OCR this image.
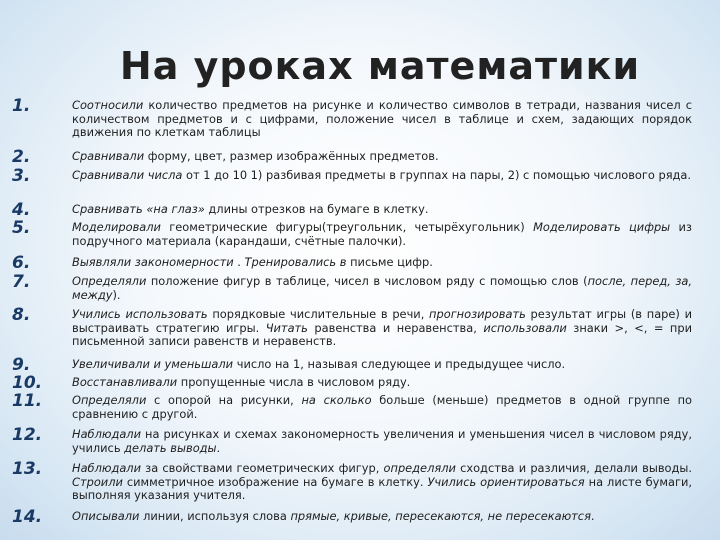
На уроках математики
1.	Соотносили количество предметов на рисунке и количество символов в тетради, названия чисел с количеством предметов и с цифрами, положение чисел в таблице и схем, задающих порядок движения по клеткам таблицы
2.	Сравнивали форму, цвет, размер изображённых предметов.
3.	Сравнивали числа от 1 до 10 1) разбивая предметы в группах на пары, 2) с помощью числового ряда.
4.	Сравнивать «на глаз» длины отрезков на бумаге в клетку.
5.	Моделировали геометрические фигуры(треугольник, четырёхугольник) Моделировать цифры из подручного материала (карандаши, счётные палочки).
6.	Выявляли закономерности . Тренировались в письме цифр.
7.	Определяли положение фигур в таблице, чисел в числовом ряду с помощью слов (после, перед, за, между).
8.	Учились использовать порядковые числительные в речи, прогнозировать результат игры (в паре) и выстраивать стратегию игры. Читать равенства и неравенства, использовали знаки >, <, = при письменной записи равенств и неравенств.
9.	Увеличивали и уменьшали число на 1, называя следующее и предыдущее число.
10.	Восстанавливали пропущенные числа в числовом ряду.
11.	Определяли с опорой на рисунки, на сколько больше (меньше) предметов в одной группе по сравнению с другой.
12.	Наблюдали на рисунках и схемах закономерность увеличения и уменьшения чисел в числовом ряду, учились делать выводы.
13.	Наблюдали за свойствами геометрических фигур, определяли сходства и различия, делали выводы. Строили симметричное изображение на бумаге в клетку. Учились ориентироваться на листе бумаги, выполняя указания учителя.
14.	Описывали линии, используя слова прямые, кривые, пересекаются, не пересекаются.
